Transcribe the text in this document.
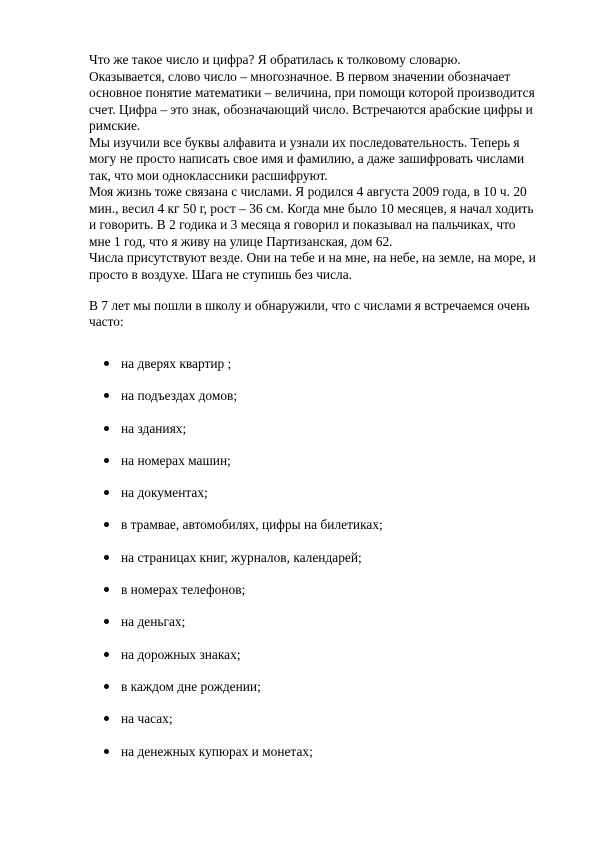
Что же такое число и цифра? Я обратилась к толковому словарю.
Оказывается, слово число – многозначное. В первом значении обозначает
основное понятие математики – величина, при помощи которой производится
счет. Цифра – это знак, обозначающий число. Встречаются арабские цифры и
римские.
Мы изучили все буквы алфавита и узнали их последовательность. Теперь я
могу не просто написать свое имя и фамилию, а даже зашифровать числами
так, что мои одноклассники расшифруют.
Моя жизнь тоже связана с числами. Я родился 4 августа 2009 года, в 10 ч. 20
мин., весил 4 кг 50 г, рост – 36 см. Когда мне было 10 месяцев, я начал ходить
и говорить. В 2 годика и 3 месяца я говорил и показывал на пальчиках, что
мне 1 год, что я живу на улице Партизанская, дом 62.
Числа присутствуют везде. Они на тебе и на мне, на небе, на земле, на море, и
просто в воздухе. Шага не ступишь без числа.
В 7 лет мы пошли в школу и обнаружили, что с числами я встречаемся очень
часто:
на дверях квартир ;
на подъездах домов;
на зданиях;
на номерах машин;
на документах;
в трамвае, автомобилях, цифры на билетиках;
на страницах книг, журналов, календарей;
в номерах телефонов;
на деньгах;
на дорожных знаках;
в каждом дне рождении;
на часах;
на денежных купюрах и монетах;
